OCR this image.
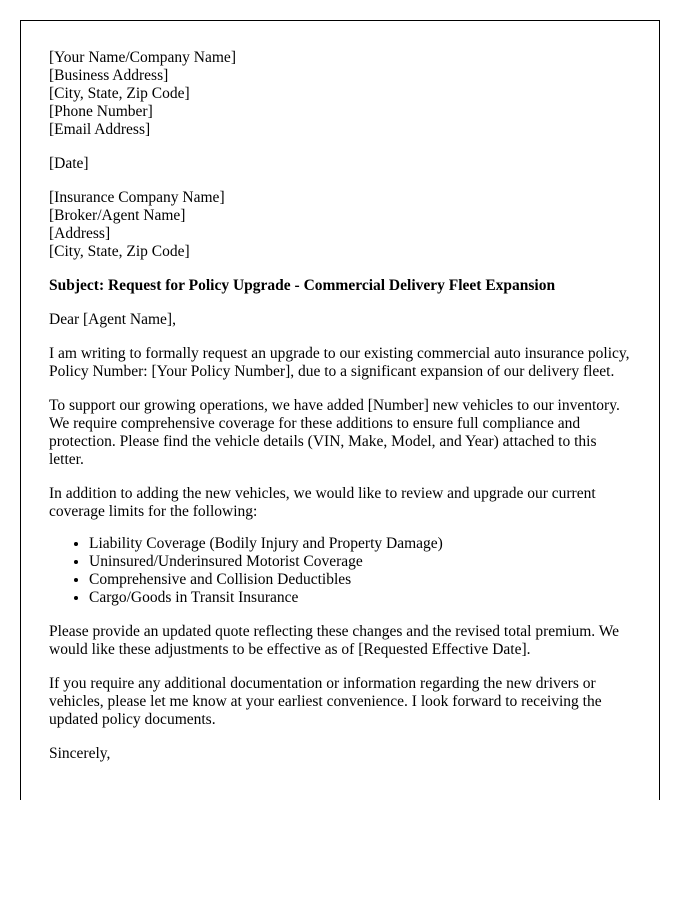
[Your Name/Company Name]
[Business Address]
[City, State, Zip Code]
[Phone Number]
[Email Address]
[Date]
[Insurance Company Name]
[Broker/Agent Name]
[Address]
[City, State, Zip Code]
Subject: Request for Policy Upgrade - Commercial Delivery Fleet Expansion

Dear [Agent Name],

I am writing to formally request an upgrade to our existing commercial auto insurance policy, Policy Number: [Your Policy Number], due to a significant expansion of our delivery fleet.

To support our growing operations, we have added [Number] new vehicles to our inventory. We require comprehensive coverage for these additions to ensure full compliance and protection. Please find the vehicle details (VIN, Make, Model, and Year) attached to this letter.

In addition to adding the new vehicles, we would like to review and upgrade our current coverage limits for the following:

• Liability Coverage (Bodily Injury and Property Damage)
• Uninsured/Underinsured Motorist Coverage
• Comprehensive and Collision Deductibles
• Cargo/Goods in Transit Insurance

Please provide an updated quote reflecting these changes and the revised total premium. We would like these adjustments to be effective as of [Requested Effective Date].

If you require any additional documentation or information regarding the new drivers or vehicles, please let me know at your earliest convenience. I look forward to receiving the updated policy documents.

Sincerely,
